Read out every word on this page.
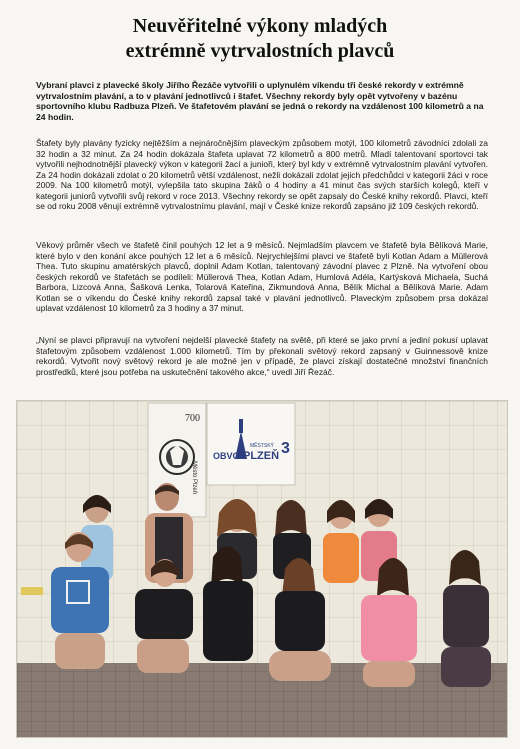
Neuvěřitelné výkony mladých
extrémně vytrvalostních plavců
Vybraní plavci z plavecké školy Jiřího Řezáče vytvořili o uplynulém víkendu tři české rekordy v extrémně vytrvalostním plavání, a to v plavání jednotlivců i štafet. Všechny rekordy byly opět vytvořeny v bazénu sportovního klubu Radbuza Plzeň. Ve štafetovém plavání se jedná o rekordy na vzdálenost 100 kilometrů a na 24 hodin.
Štafety byly plavány fyzicky nejtěžším a nejnáročnějším plaveckým způsobem motýl, 100 kilometrů závodníci zdolali za 32 hodin a 32 minut. Za 24 hodin dokázala štafeta uplavat 72 kilometrů a 800 metrů. Mladí talentovaní sportovci tak vytvořili nejhodnotnější plavecký výkon v kategorii žací a junioři, který byl kdy v extrémně vytrvalostním plavání vytvořen. Za 24 hodin dokázali zdolat o 20 kilometrů větší vzdálenost, nežli dokázali zdolat jejich předchůdci v kategorii žáci v roce 2009. Na 100 kilometrů motýl, vylepšila tato skupina žáků o 4 hodiny a 41 minut čas svých starších kolegů, kteří v kategorii juniorů vytvořili svůj rekord v roce 2013. Všechny rekordy se opět zapsaly do České knihy rekordů. Plavci, kteří se od roku 2008 věnují extrémně vytrvalostnímu plavání, mají v České knize rekordů zapsáno již 109 českých rekordů.
Věkový průměr všech ve štafetě činil pouhých 12 let a 9 měsíců. Nejmladším plavcem ve štafetě byla Bělíková Marie, které bylo v den konání akce pouhých 12 let a 6 měsíců. Nejrychlejšími plavci ve štafetě byli Kotlan Adam a Müllerová Thea. Tuto skupinu amatérských plavců, doplnil Adam Kotlan, talentovaný závodní plavec z Plzně. Na vytvoření obou českých rekordů ve štafetách se podíleli: Müllerová Thea, Kotlan Adam, Humlová Adéla, Kartýsková Michaela, Suchá Barbora, Lizcová Anna, Šašková Lenka, Tolarová Kateřina, Zikmundová Anna, Bělík Michal a Bělíková Marie. Adam Kotlan se o víkendu do České knihy rekordů zapsal také v plavání jednotlivců. Plaveckým způsobem prsa dokázal uplavat vzdálenost 10 kilometrů za 3 hodiny a 37 minut.
„Nyní se plavci připravují na vytvoření nejdelší plavecké štafety na světě, při které se jako první a jediní pokusí uplavat štafetovým způsobem vzdálenost 1.000 kilometrů. Tím by překonali světový rekord zapsaný v Guinnessově knize rekordů. Vytvořit nový světový rekord je ale možné jen v případě, že plavci získají dostatečné množství finančních prostředků, které jsou potřeba na uskutečnění takového akce,“ uvedl Jiří Řezáč.
700
Město Plzeň
MĚSTSKÝ
OBVOD
PLZEŇ 3
